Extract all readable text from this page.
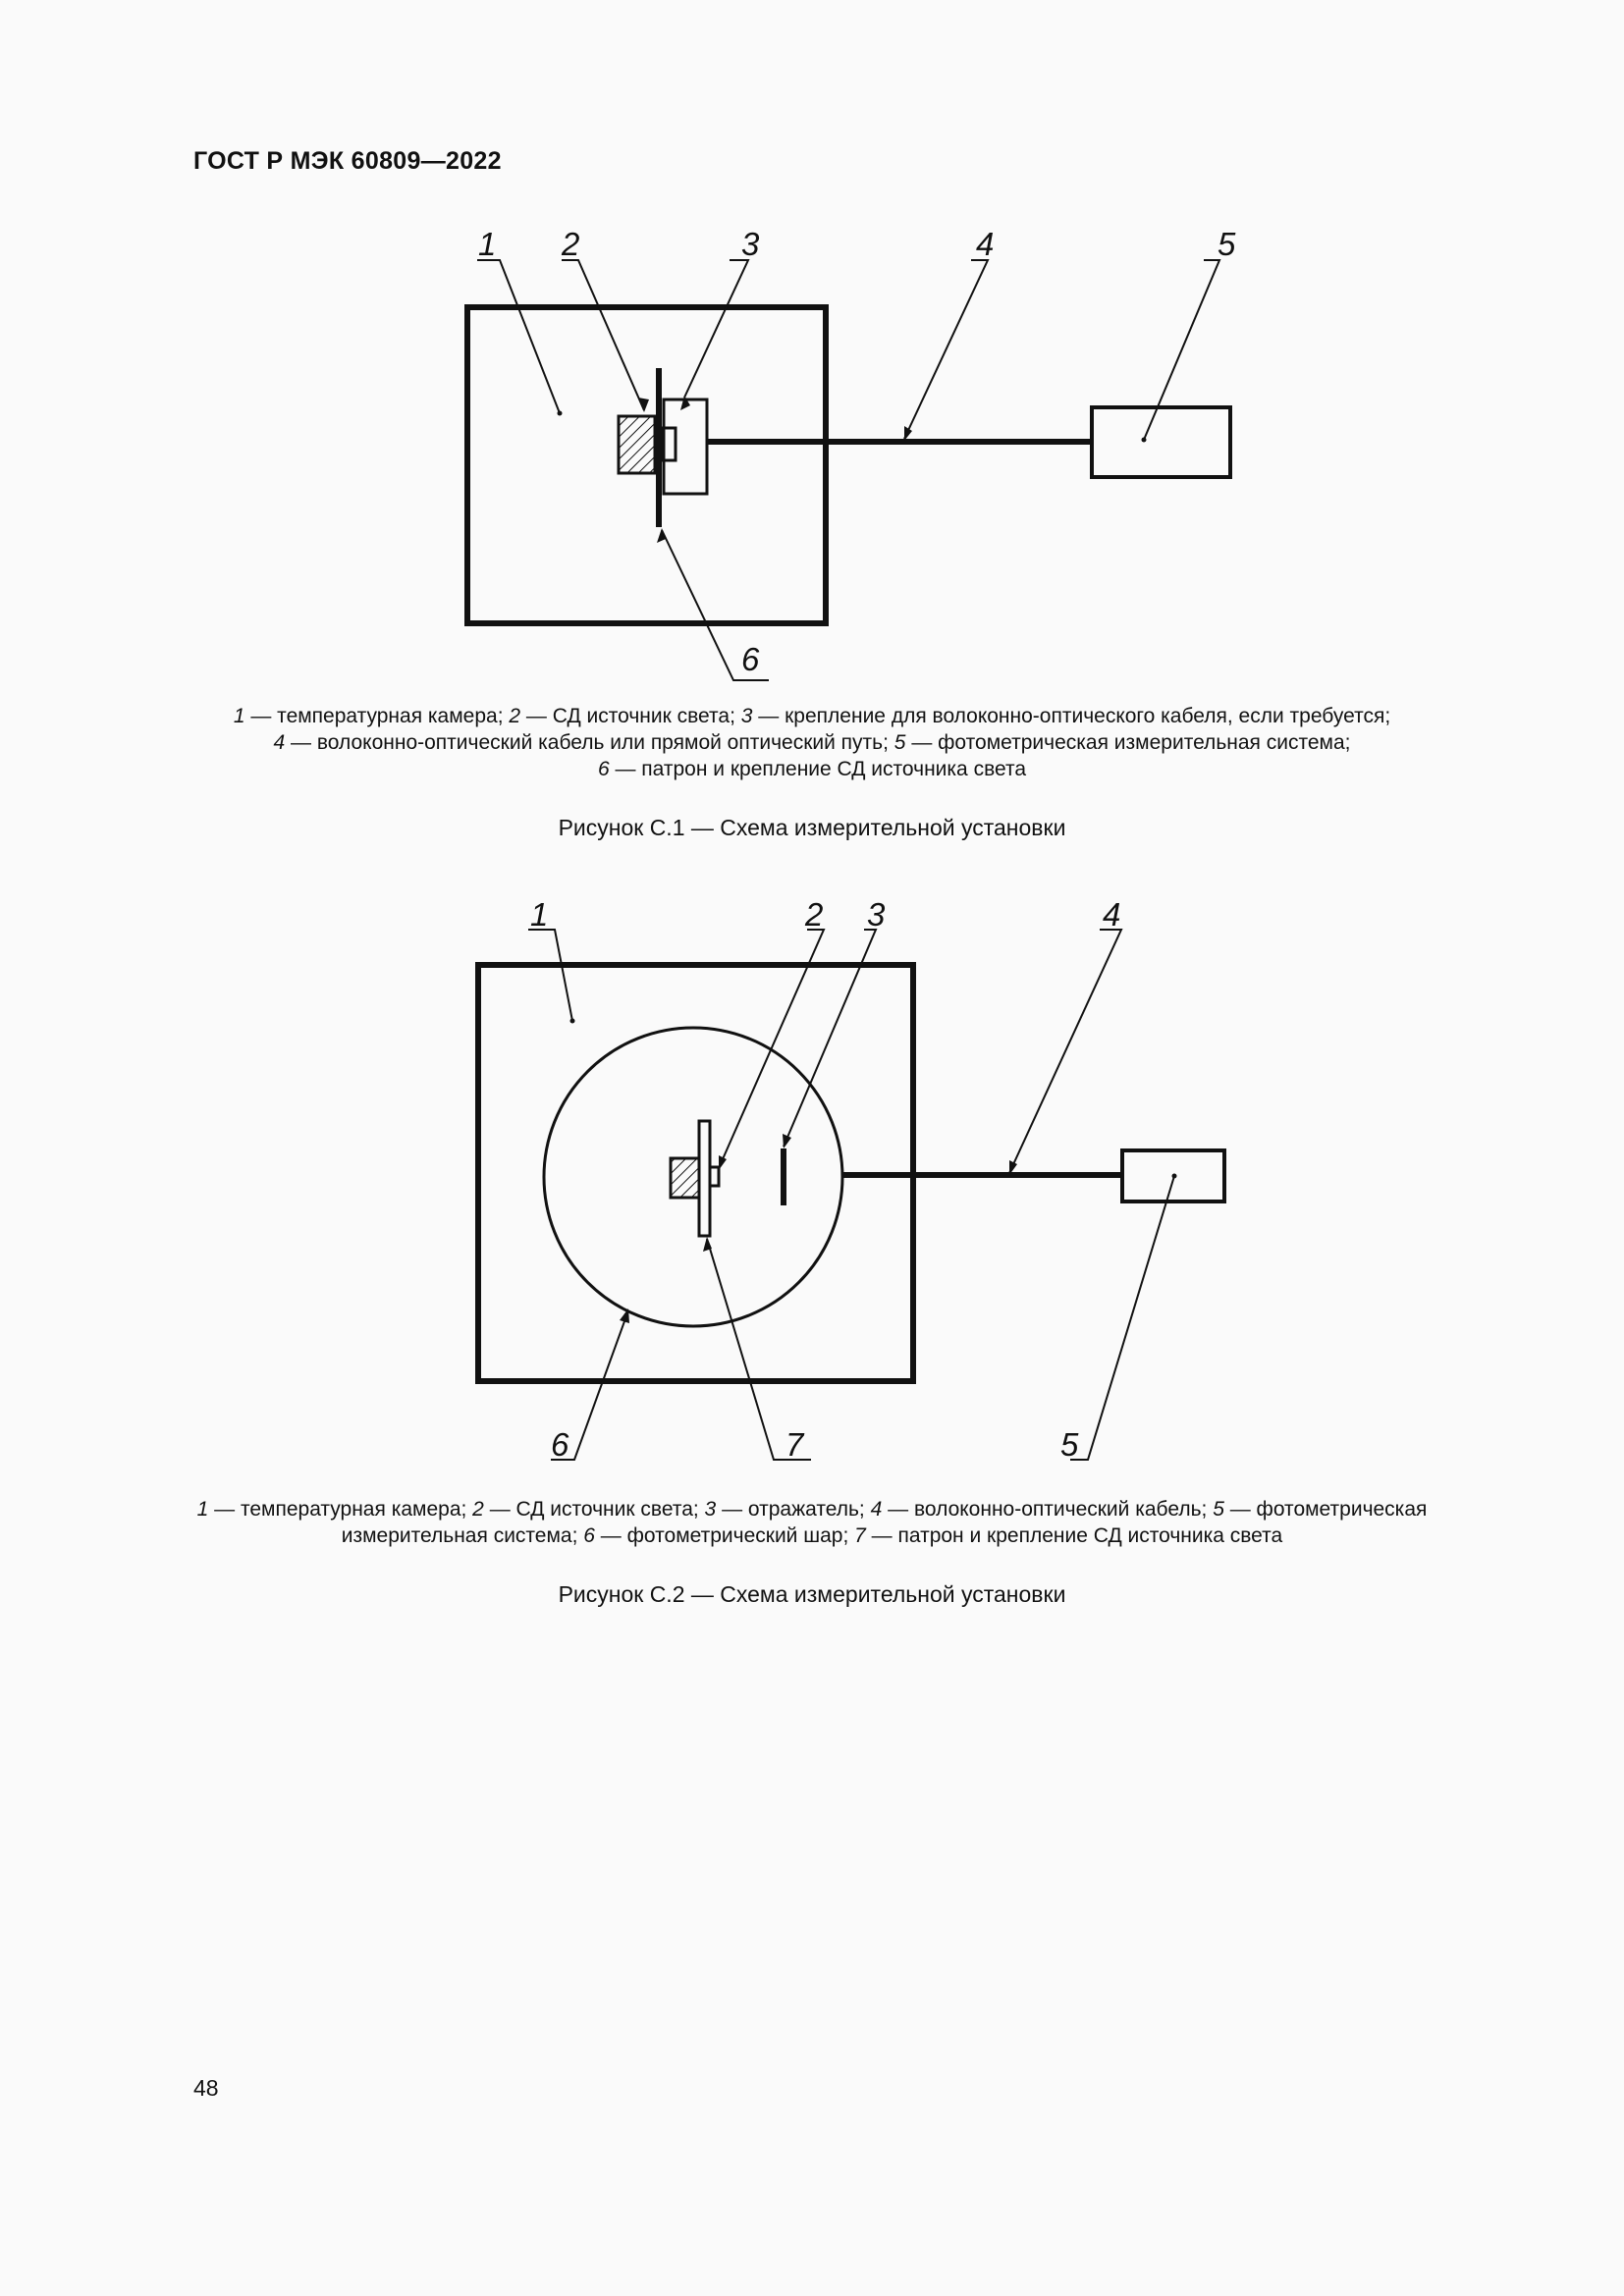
ГОСТ Р МЭК 60809—2022
1 2	3	4	5
6
1 — температурная камера; 2 — СД источник света; 3 — крепление для волоконно-оптического кабеля, если требуется;
4 — волоконно-оптический кабель или прямой оптический путь; 5 — фотометрическая измерительная система;
6 — патрон и крепление СД источника света
Рисунок С.1 — Схема измерительной установки
1	2 3	4
5
6	7
1 — температурная камера; 2 — СД источник света; 3 — отражатель; 4 — волоконно-оптический кабель; 5 — фотометрическая
измерительная система; 6 — фотометрический шар; 7 — патрон и крепление СД источника света
Рисунок С.2 — Схема измерительной установки
48
